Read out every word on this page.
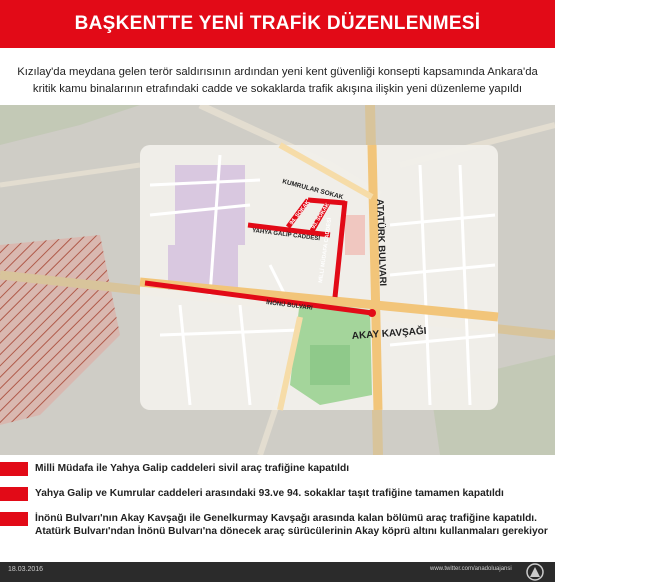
BAŞKENTTE YENİ TRAFİK DÜZENLENMESİ
Kızılay'da meydana gelen terör saldırısının ardından yeni kent güvenliği konsepti kapsamında Ankara'da
kritik kamu binalarının etrafındaki cadde ve sokaklarda trafik akışına ilişkin yeni düzenleme yapıldı
KUMRULAR SOKAK
94. SOKAK 93. SOKAK
YAHYA GALİP CADDESİ
MİLLİ MÜDAFA CADDESİ	ATATÜRK BULVARI
İNÖNÜ BULVARI
AKAY KAVŞAĞI
Milli Müdafa ile Yahya Galip caddeleri sivil araç trafiğine kapatıldı
Yahya Galip ve Kumrular caddeleri arasındaki 93.ve 94. sokaklar taşıt trafiğine tamamen kapatıldı
İnönü Bulvarı'nın Akay Kavşağı ile Genelkurmay Kavşağı arasında kalan bölümü araç trafiğine kapatıldı.
Atatürk Bulvarı'ndan İnönü Bulvarı'na dönecek araç sürücülerinin Akay köprü altını kullanmaları gerekiyor
18.03.2016	www.twitter.com/anadoluajansi
